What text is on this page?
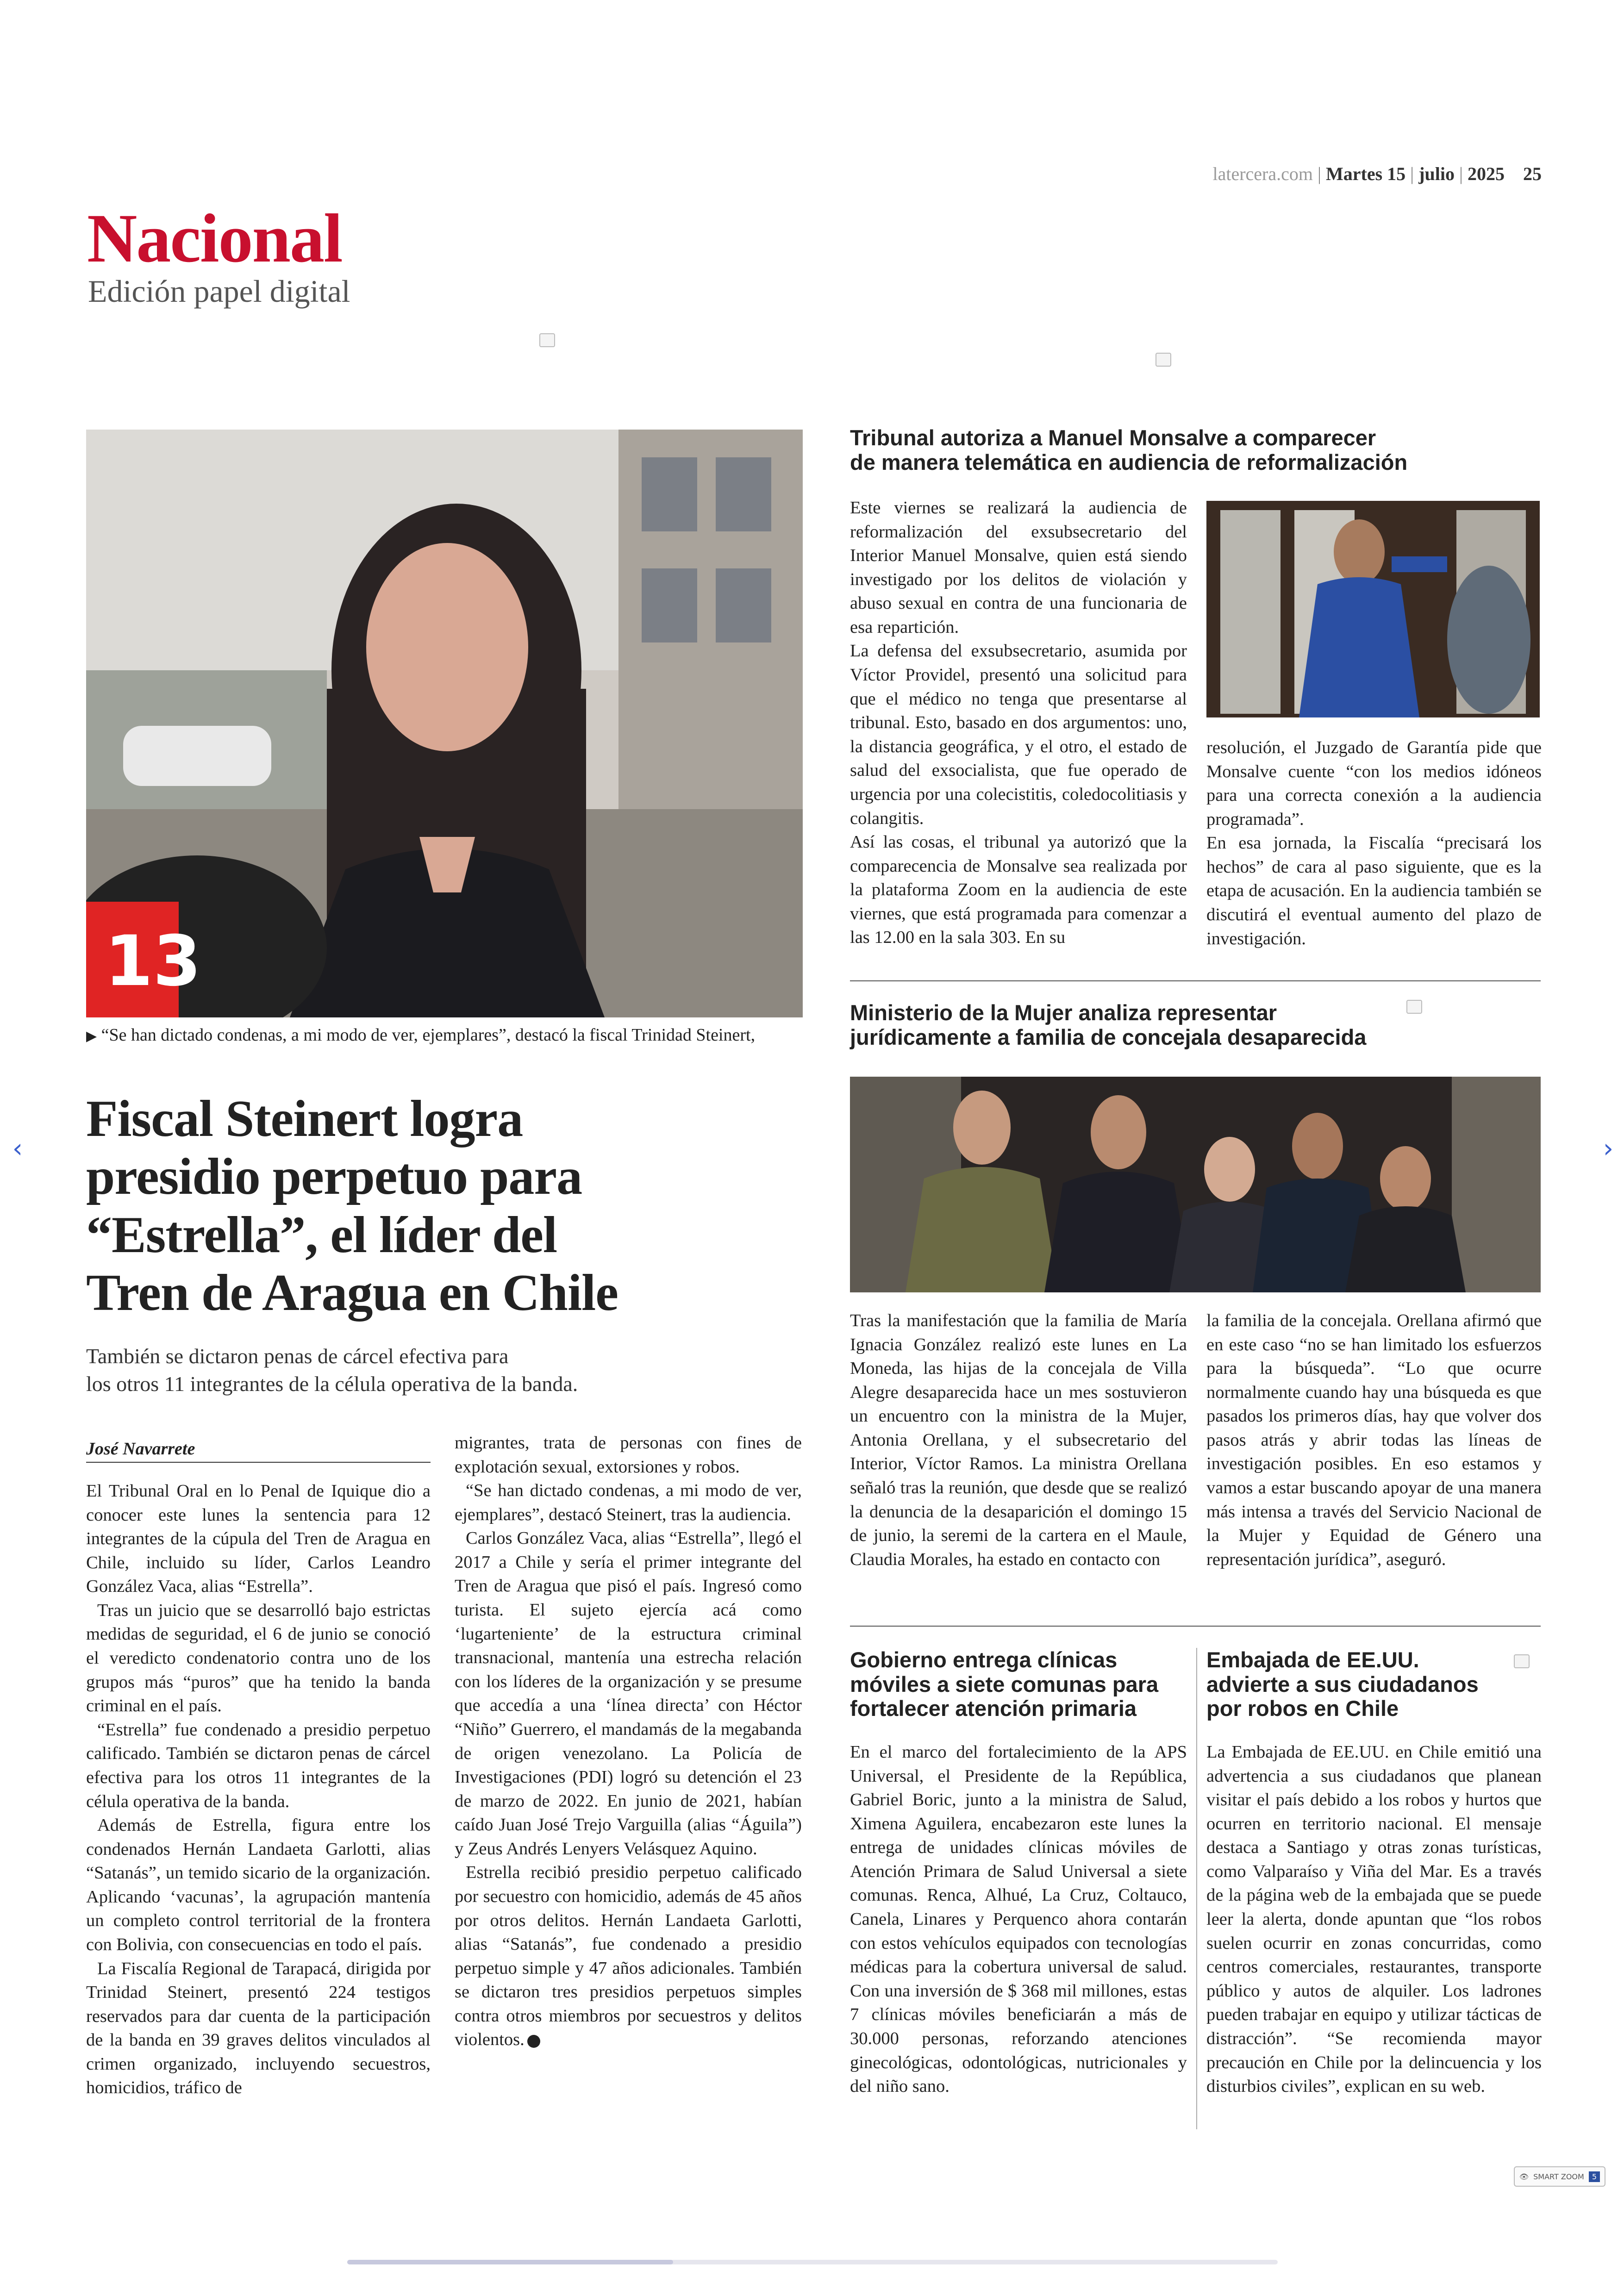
latercera.com | Martes 15 | julio | 2025 25
Nacional
Edición papel digital
13
▶ “Se han dictado condenas, a mi modo de ver, ejemplares”, destacó la fiscal Trinidad Steinert,
Fiscal Steinert logra
presidio perpetuo para
“Estrella”, el líder del
Tren de Aragua en Chile
También se dictaron penas de cárcel efectiva para
los otros 11 integrantes de la célula operativa de la banda.
José Navarrete

El Tribunal Oral en lo Penal de Iquique dio a conocer este lunes la sentencia para 12 integrantes de la cúpula del Tren de Aragua en Chile, incluido su líder, Carlos Leandro González Vaca, alias “Estrella”.

Tras un juicio que se desarrolló bajo estrictas medidas de seguridad, el 6 de junio se conoció el veredicto condenatorio contra uno de los grupos más “puros” que ha tenido la banda criminal en el país.

“Estrella” fue condenado a presidio perpetuo calificado. También se dictaron penas de cárcel efectiva para los otros 11 integrantes de la célula operativa de la banda.

Además de Estrella, figura entre los condenados Hernán Landaeta Garlotti, alias “Satanás”, un temido sicario de la organización. Aplicando ‘vacunas’, la agrupación mantenía un completo control territorial de la frontera con Bolivia, con consecuencias en todo el país.

La Fiscalía Regional de Tarapacá, dirigida por Trinidad Steinert, presentó 224 testigos reservados para dar cuenta de la participación de la banda en 39 graves delitos vinculados al crimen organizado, incluyendo secuestros, homicidios, tráfico de

migrantes, trata de personas con fines de explotación sexual, extorsiones y robos.

“Se han dictado condenas, a mi modo de ver, ejemplares”, destacó Steinert, tras la audiencia.

Carlos González Vaca, alias “Estrella”, llegó el 2017 a Chile y sería el primer integrante del Tren de Aragua que pisó el país. Ingresó como turista. El sujeto ejercía acá como ‘lugarteniente’ de la estructura criminal transnacional, mantenía una estrecha relación con los líderes de la organización y se presume que accedía a una ‘línea directa’ con Héctor “Niño” Guerrero, el mandamás de la megabanda de origen venezolano. La Policía de Investigaciones (PDI) logró su detención el 23 de marzo de 2022. En junio de 2021, habían caído Juan José Trejo Varguilla (alias “Águila”) y Zeus Andrés Lenyers Velásquez Aquino.

Estrella recibió presidio perpetuo calificado por secuestro con homicidio, además de 45 años por otros delitos. Hernán Landaeta Garlotti, alias “Satanás”, fue condenado a presidio perpetuo simple y 47 años adicionales. También se dictaron tres presidios perpetuos simples contra otros miembros por secuestros y delitos violentos.

Tribunal autoriza a Manuel Monsalve a comparecer
de manera telemática en audiencia de reformalización

Este viernes se realizará la audiencia de reformalización del exsubsecretario del Interior Manuel Monsalve, quien está siendo investigado por los delitos de violación y abuso sexual en contra de una funcionaria de esa repartición.

La defensa del exsubsecretario, asumida por Víctor Providel, presentó una solicitud para que el médico no tenga que presentarse al tribunal. Esto, basado en dos argumentos: uno, la distancia geográfica, y el otro, el estado de salud del exsocialista, que fue operado de urgencia por una colecistitis, coledocolitiasis y colangitis.

Así las cosas, el tribunal ya autorizó que la comparecencia de Monsalve sea realizada por la plataforma Zoom en la audiencia de este viernes, que está programada para comenzar a las 12.00 en la sala 303. En su

resolución, el Juzgado de Garantía pide que Monsalve cuente “con los medios idóneos para una correcta conexión a la audiencia programada”.

En esa jornada, la Fiscalía “precisará los hechos” de cara al paso siguiente, que es la etapa de acusación. En la audiencia también se discutirá el eventual aumento del plazo de investigación.

Ministerio de la Mujer analiza representar
jurídicamente a familia de concejala desaparecida

Tras la manifestación que la familia de María Ignacia González realizó este lunes en La Moneda, las hijas de la concejala de Villa Alegre desaparecida hace un mes sostuvieron un encuentro con la ministra de la Mujer, Antonia Orellana, y el subsecretario del Interior, Víctor Ramos. La ministra Orellana señaló tras la reunión, que desde que se realizó la denuncia de la desaparición el domingo 15 de junio, la seremi de la cartera en el Maule, Claudia Morales, ha estado en contacto con

la familia de la concejala. Orellana afirmó que en este caso “no se han limitado los esfuerzos para la búsqueda”. “Lo que ocurre normalmente cuando hay una búsqueda es que pasados los primeros días, hay que volver dos pasos atrás y abrir todas las líneas de investigación posibles. En eso estamos y vamos a estar buscando apoyar de una manera más intensa a través del Servicio Nacional de la Mujer y Equidad de Género una representación jurídica”, aseguró.

Gobierno entrega clínicas
móviles a siete comunas para
fortalecer atención primaria

En el marco del fortalecimiento de la APS Universal, el Presidente de la República, Gabriel Boric, junto a la ministra de Salud, Ximena Aguilera, encabezaron este lunes la entrega de unidades clínicas móviles de Atención Primara de Salud Universal a siete comunas. Renca, Alhué, La Cruz, Coltauco, Canela, Linares y Perquenco ahora contarán con estos vehículos equipados con tecnologías médicas para la cobertura universal de salud. Con una inversión de $ 368 mil millones, estas 7 clínicas móviles beneficiarán a más de 30.000 personas, reforzando atenciones ginecológicas, odontológicas, nutricionales y del niño sano.

Embajada de EE.UU.
advierte a sus ciudadanos
por robos en Chile

La Embajada de EE.UU. en Chile emitió una advertencia a sus ciudadanos que planean visitar el país debido a los robos y hurtos que ocurren en territorio nacional. El mensaje destaca a Santiago y otras zonas turísticas, como Valparaíso y Viña del Mar. Es a través de la página web de la embajada que se puede leer la alerta, donde apuntan que “los robos suelen ocurrir en zonas concurridas, como centros comerciales, restaurantes, transporte público y autos de alquiler. Los ladrones pueden trabajar en equipo y utilizar tácticas de distracción”. “Se recomienda mayor precaución en Chile por la delincuencia y los disturbios civiles”, explican en su web.

‹	›
👁 SMART ZOOM	5
